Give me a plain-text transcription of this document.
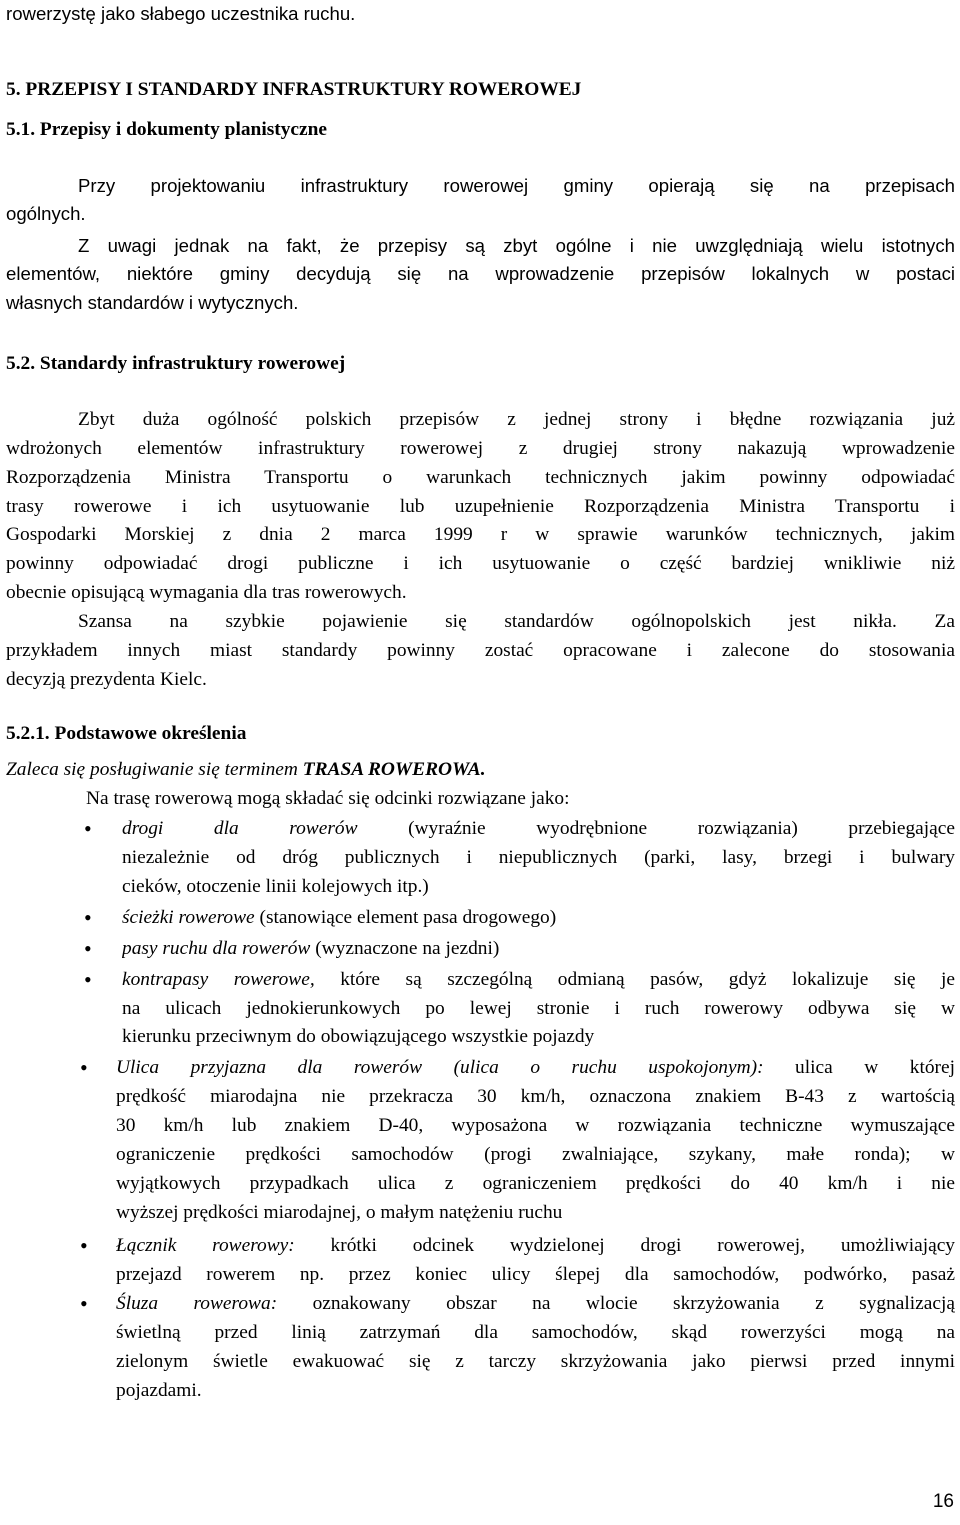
rowerzystę jako słabego uczestnika ruchu.
5. PRZEPISY I STANDARDY INFRASTRUKTURY ROWEROWEJ
5.1. Przepisy i dokumenty planistyczne
Przy projektowaniu infrastruktury rowerowej gminy opierają się na przepisach
ogólnych.
Z uwagi jednak na fakt, że przepisy są zbyt ogólne i nie uwzględniają wielu istotnych
elementów, niektóre gminy decydują się na wprowadzenie przepisów lokalnych w postaci
własnych standardów i wytycznych.
5.2. Standardy infrastruktury rowerowej
Zbyt duża ogólność polskich przepisów z jednej strony i błędne rozwiązania już
wdrożonych elementów infrastruktury rowerowej z drugiej strony nakazują wprowadzenie
Rozporządzenia Ministra Transportu o warunkach technicznych jakim powinny odpowiadać
trasy rowerowe i ich usytuowanie lub uzupełnienie Rozporządzenia Ministra Transportu i
Gospodarki Morskiej z dnia 2 marca 1999 r w sprawie warunków technicznych, jakim
powinny odpowiadać drogi publiczne i ich usytuowanie o część bardziej wnikliwie niż
obecnie opisującą wymagania dla tras rowerowych.
Szansa na szybkie pojawienie się standardów ogólnopolskich jest nikła. Za
przykładem innych miast standardy powinny zostać opracowane i zalecone do stosowania
decyzją prezydenta Kielc.
5.2.1. Podstawowe określenia
Zaleca się posługiwanie się terminem TRASA ROWEROWA.
Na trasę rowerową mogą składać się odcinki rozwiązane jako:
• drogi dla rowerów (wyraźnie wyodrębnione rozwiązania) przebiegające
niezależnie od dróg publicznych i niepublicznych (parki, lasy, brzegi i bulwary
cieków, otoczenie linii kolejowych itp.)
• ścieżki rowerowe (stanowiące element pasa drogowego)
• pasy ruchu dla rowerów (wyznaczone na jezdni)
• kontrapasy rowerowe, które są szczególną odmianą pasów, gdyż lokalizuje się je
na ulicach jednokierunkowych po lewej stronie i ruch rowerowy odbywa się w
kierunku przeciwnym do obowiązującego wszystkie pojazdy
• Ulica przyjazna dla rowerów (ulica o ruchu uspokojonym): ulica w której
prędkość miarodajna nie przekracza 30 km/h, oznaczona znakiem B-43 z wartością
30 km/h lub znakiem D-40, wyposażona w rozwiązania techniczne wymuszające
ograniczenie prędkości samochodów (progi zwalniające, szykany, małe ronda); w
wyjątkowych przypadkach ulica z ograniczeniem prędkości do 40 km/h i nie
wyższej prędkości miarodajnej, o małym natężeniu ruchu
• Łącznik rowerowy: krótki odcinek wydzielonej drogi rowerowej, umożliwiający
przejazd rowerem np. przez koniec ulicy ślepej dla samochodów, podwórko, pasaż
• Śluza rowerowa: oznakowany obszar na wlocie skrzyżowania z sygnalizacją
świetlną przed linią zatrzymań dla samochodów, skąd rowerzyści mogą na
zielonym świetle ewakuować się z tarczy skrzyżowania jako pierwsi przed innymi
pojazdami.
16
